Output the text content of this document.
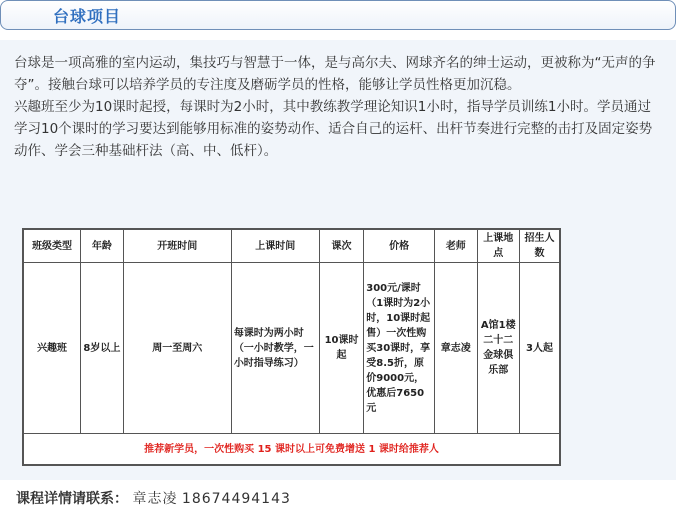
台球项目

台球是一项高雅的室内运动，集技巧与智慧于一体，是与高尔夫、网球齐名的绅士运动，更被称为“无声的争夺”。接触台球可以培养学员的专注度及磨砺学员的性格，能够让学员性格更加沉稳。

兴趣班至少为10课时起授，每课时为2小时，其中教练教学理论知识1小时，指导学员训练1小时。学员通过学习10个课时的学习要达到能够用标准的姿势动作、适合自己的运杆、出杆节奏进行完整的击打及固定姿势动作、学会三种基础杆法（高、中、低杆）。

班级类型	年龄	开班时间	上课时间	课次	价格	老师	上课地点	招生人数
兴趣班	8岁以上	周一至周六	每课时为两小时（一小时教学，一小时指导练习）	10课时起	300元/课时（1课时为2小时，10课时起售）一次性购买30课时，享受8.5折，原价9000元，优惠后7650元	章志凌	A馆1楼二十二金球俱乐部	3人起
推荐新学员，一次性购买 15 课时以上可免费增送 1 课时给推荐人								
课程详情请联系： 章志凌 18674494143
